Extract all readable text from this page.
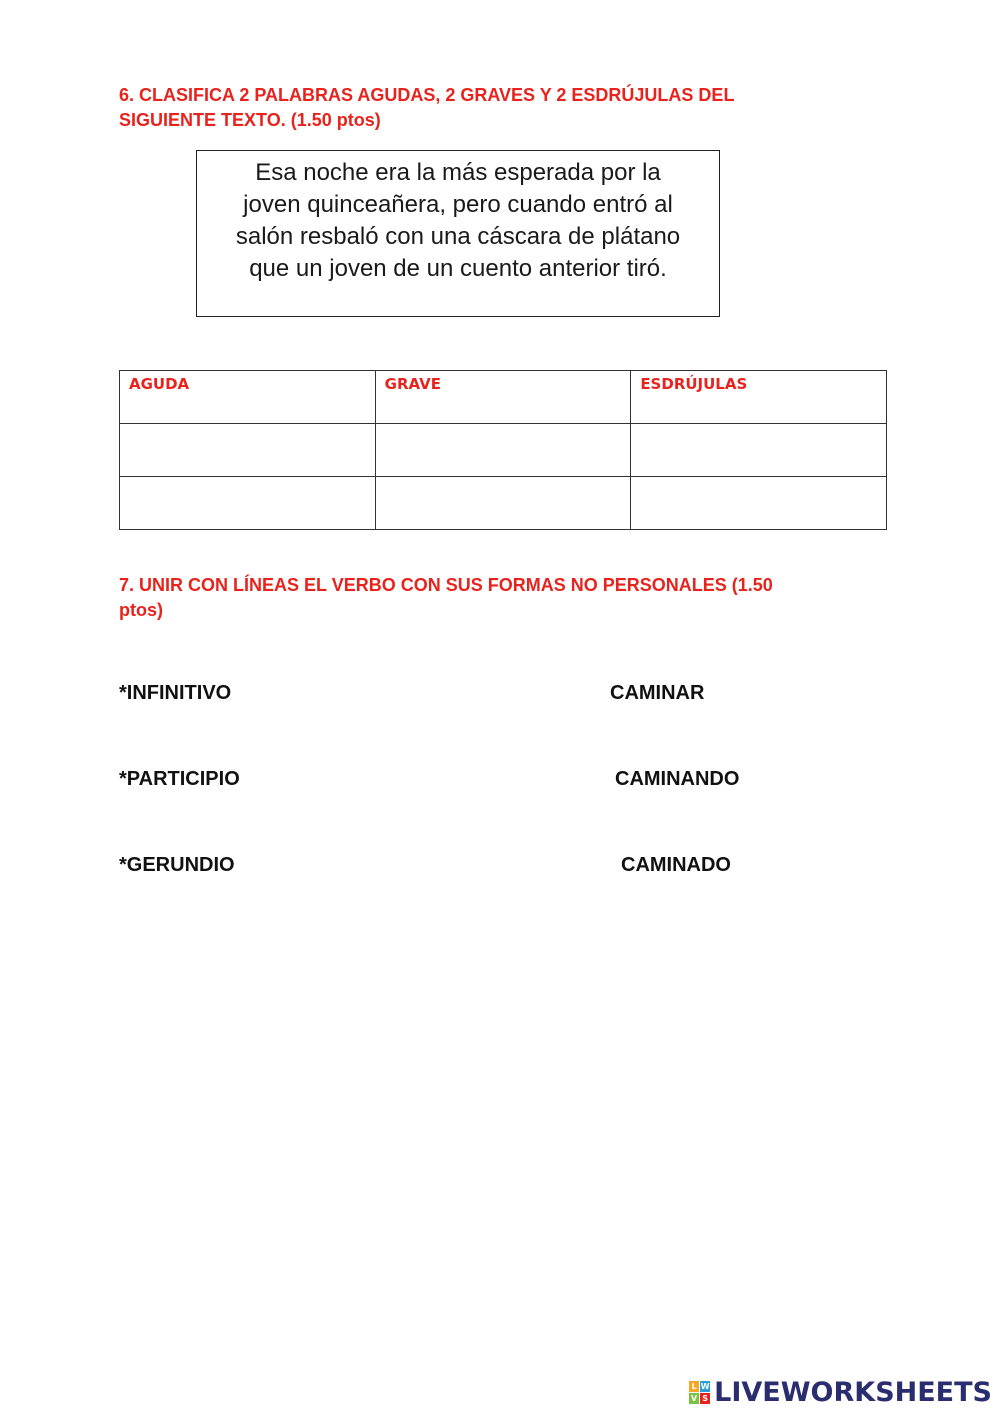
6. CLASIFICA 2 PALABRAS AGUDAS, 2 GRAVES Y 2 ESDRÚJULAS DEL
SIGUIENTE TEXTO. (1.50 ptos)

Esa noche era la más esperada por la
joven quinceañera, pero cuando entró al
salón resbaló con una cáscara de plátano
que un joven de un cuento anterior tiró.
AGUDA	GRAVE	ESDRÚJULAS

7. UNIR CON LÍNEAS EL VERBO CON SUS FORMAS NO PERSONALES (1.50
ptos)

*INFINITIVO
*PARTICIPIO
*GERUNDIO
CAMINAR
CAMINANDO
CAMINADO
L W
V S LIVEWORKSHEETS
